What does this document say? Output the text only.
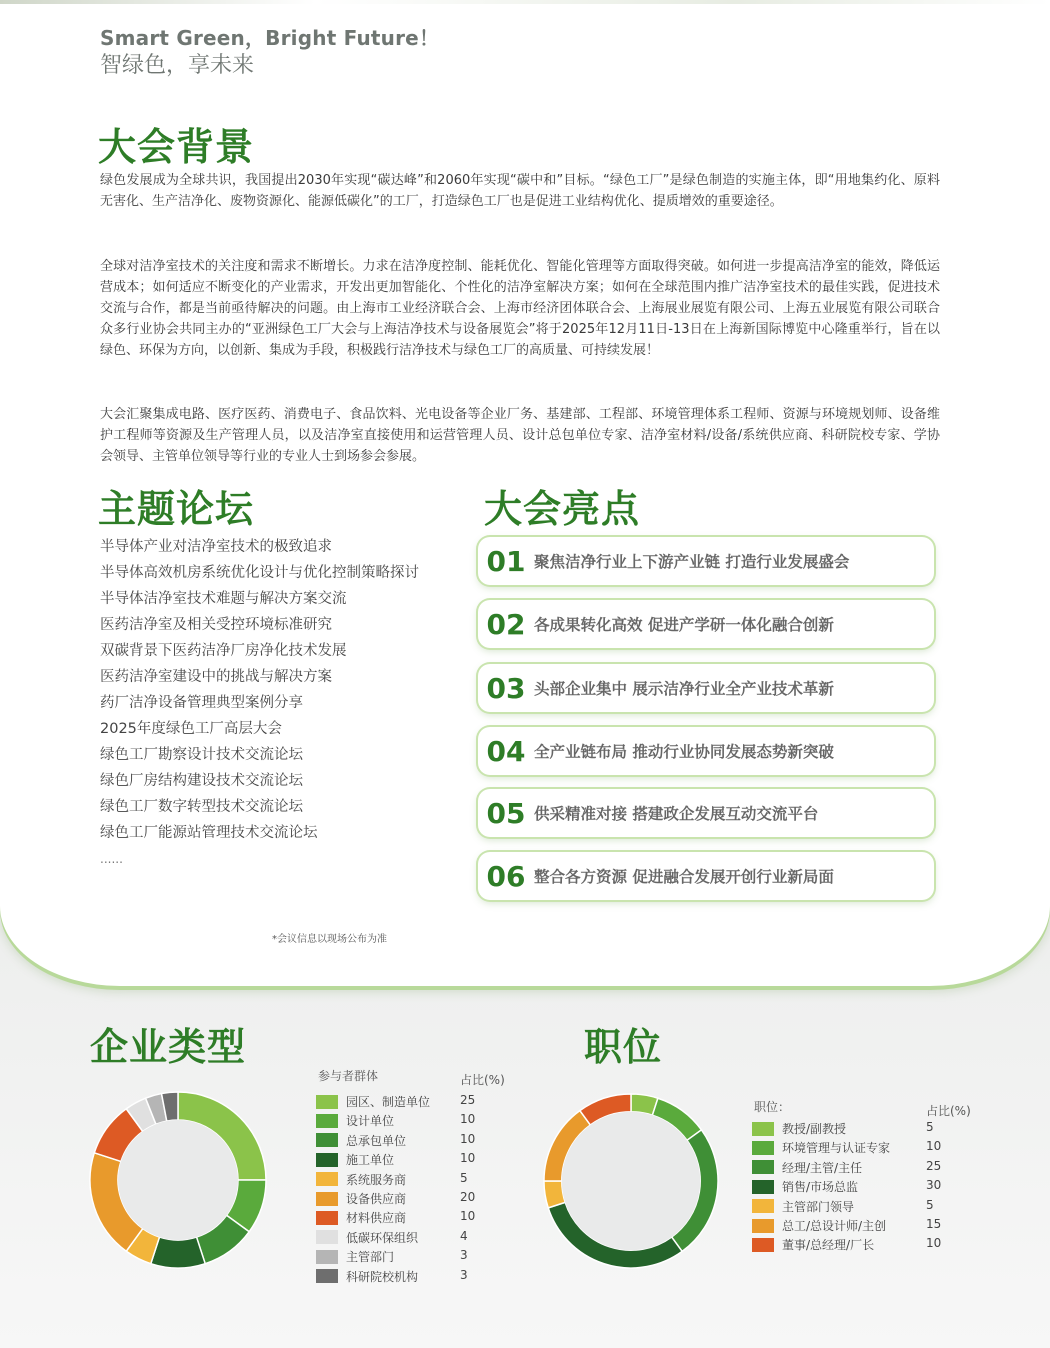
Smart Green，Bright Future！
智绿色，享未来
大会背景

绿色发展成为全球共识，我国提出2030年实现“碳达峰”和2060年实现“碳中和”目标。“绿色工厂”是绿色制造的实施主体，即“用地集约化、原料无害化、生产洁净化、废物资源化、能源低碳化”的工厂，打造绿色工厂也是促进工业结构优化、提质增效的重要途径。

全球对洁净室技术的关注度和需求不断增长。力求在洁净度控制、能耗优化、智能化管理等方面取得突破。如何进一步提高洁净室的能效，降低运营成本；如何适应不断变化的产业需求，开发出更加智能化、个性化的洁净室解决方案；如何在全球范围内推广洁净室技术的最佳实践，促进技术交流与合作，都是当前亟待解决的问题。由上海市工业经济联合会、上海市经济团体联合会、上海展业展览有限公司、上海五业展览有限公司联合众多行业协会共同主办的“亚洲绿色工厂大会与上海洁净技术与设备展览会”将于2025年12月11日-13日在上海新国际博览中心隆重举行，旨在以绿色、环保为方向，以创新、集成为手段，积极践行洁净技术与绿色工厂的高质量、可持续发展！

大会汇聚集成电路、医疗医药、消费电子、食品饮料、光电设备等企业厂务、基建部、工程部、环境管理体系工程师、资源与环境规划师、设备维护工程师等资源及生产管理人员，以及洁净室直接使用和运营管理人员、设计总包单位专家、洁净室材料/设备/系统供应商、科研院校专家、学协会领导、主管单位领导等行业的专业人士到场参会参展。

主题论坛
半导体产业对洁净室技术的极致追求
半导体高效机房系统优化设计与优化控制策略探讨
半导体洁净室技术难题与解决方案交流
医药洁净室及相关受控环境标准研究
双碳背景下医药洁净厂房净化技术发展
医药洁净室建设中的挑战与解决方案
药厂洁净设备管理典型案例分享
2025年度绿色工厂高层大会
绿色工厂勘察设计技术交流论坛
绿色厂房结构建设技术交流论坛
绿色工厂数字转型技术交流论坛
绿色工厂能源站管理技术交流论坛
......
大会亮点
01 聚焦洁净行业上下游产业链 打造行业发展盛会
02 各成果转化高效 促进产学研一体化融合创新
03 头部企业集中 展示洁净行业全产业技术革新
04 全产业链布局 推动行业协同发展态势新突破
05 供采精准对接 搭建政企发展互动交流平台
06 整合各方资源 促进融合发展开创行业新局面
*会议信息以现场公布为准
企业类型
参与者群体	占比(%)
园区、制造单位	25
设计单位	10
总承包单位	10
施工单位	10
系统服务商	5
设备供应商	20
材料供应商	10
低碳环保组织	4
主管部门	3
科研院校机构	3
职位
职位：	占比(%)
教授/副教授	5
环境管理与认证专家	10
经理/主管/主任	25
销售/市场总监	30
主管部门领导	5
总工/总设计师/主创	15
董事/总经理/厂长	10
